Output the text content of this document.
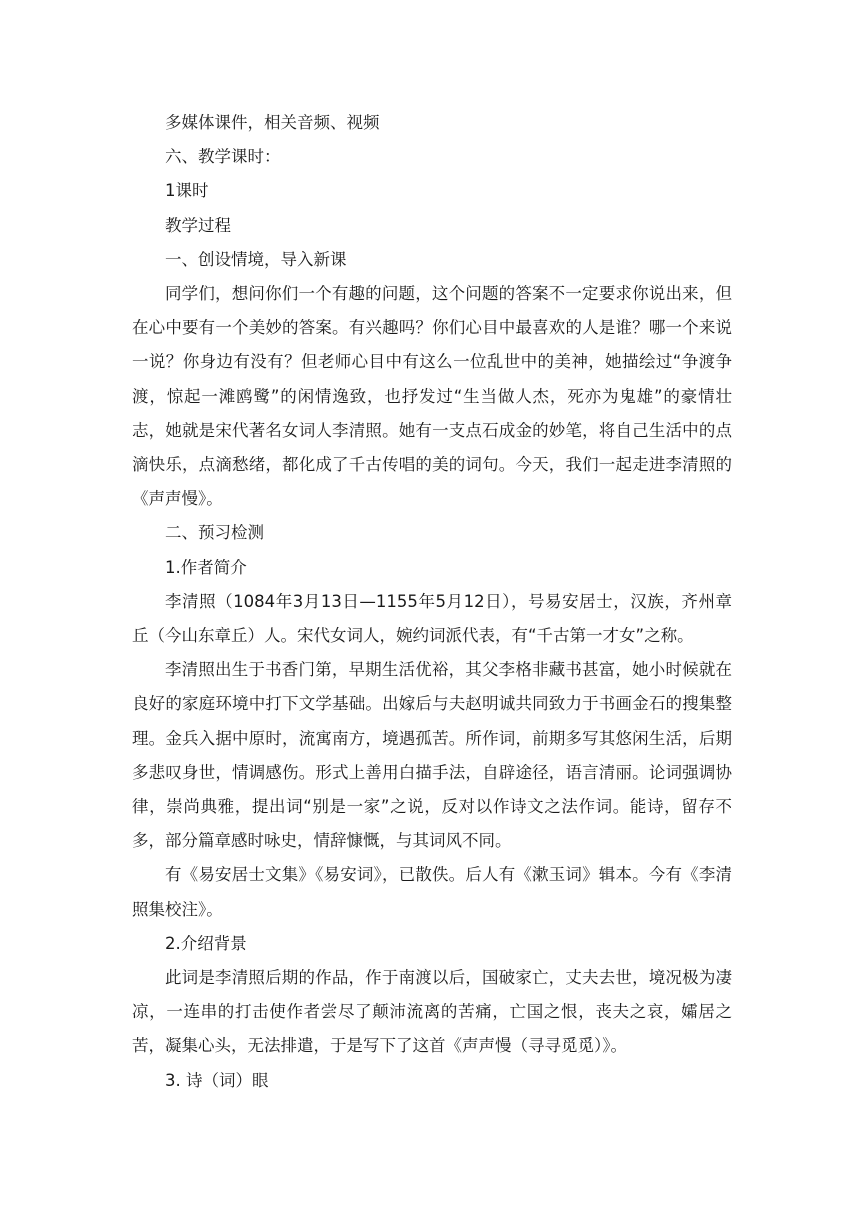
多媒体课件，相关音频、视频

六、教学课时：

1课时

教学过程

一、创设情境，导入新课

同学们，想问你们一个有趣的问题，这个问题的答案不一定要求你说出来，但在心中要有一个美妙的答案。有兴趣吗？你们心目中最喜欢的人是谁？哪一个来说一说？你身边有没有？但老师心目中有这么一位乱世中的美神，她描绘过“争渡争渡，惊起一滩鸥鹭”的闲情逸致，也抒发过“生当做人杰，死亦为鬼雄”的豪情壮志，她就是宋代著名女词人李清照。她有一支点石成金的妙笔，将自己生活中的点滴快乐，点滴愁绪，都化成了千古传唱的美的词句。今天，我们一起走进李清照的《声声慢》。

二、预习检测

1.作者简介

李清照（1084年3月13日—1155年5月12日），号易安居士，汉族，齐州章丘（今山东章丘）人。宋代女词人，婉约词派代表，有“千古第一才女”之称。

李清照出生于书香门第，早期生活优裕，其父李格非藏书甚富，她小时候就在良好的家庭环境中打下文学基础。出嫁后与夫赵明诚共同致力于书画金石的搜集整理。金兵入据中原时，流寓南方，境遇孤苦。所作词，前期多写其悠闲生活，后期多悲叹身世，情调感伤。形式上善用白描手法，自辟途径，语言清丽。论词强调协律，崇尚典雅，提出词“别是一家”之说，反对以作诗文之法作词。能诗，留存不多，部分篇章感时咏史，情辞慷慨，与其词风不同。

有《易安居士文集》《易安词》，已散佚。后人有《漱玉词》辑本。今有《李清照集校注》。

2.介绍背景

此词是李清照后期的作品，作于南渡以后，国破家亡，丈夫去世，境况极为凄凉，一连串的打击使作者尝尽了颠沛流离的苦痛，亡国之恨，丧夫之哀，孀居之苦，凝集心头，无法排遣，于是写下了这首《声声慢（寻寻觅觅）》。

3. 诗（词）眼
